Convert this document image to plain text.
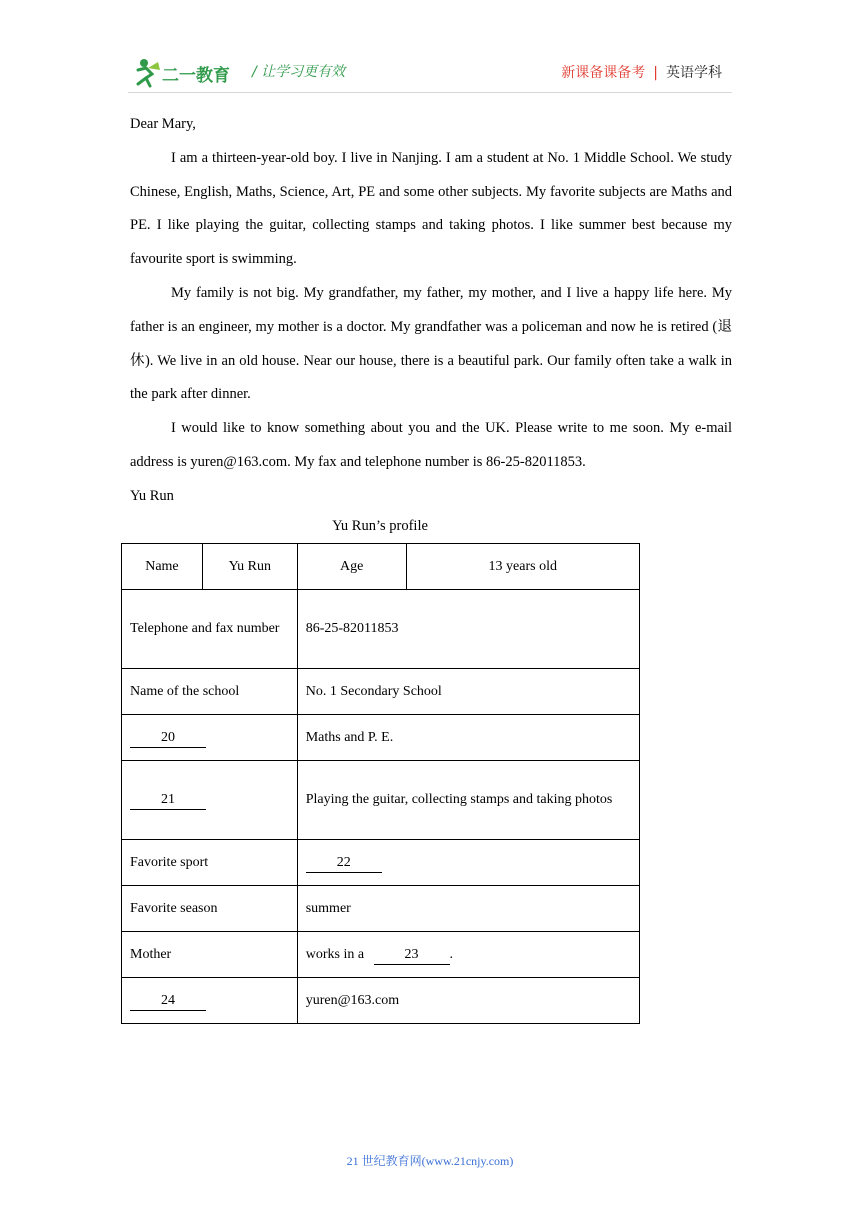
二一教育 / 让学习更有效	新课备课备考 | 英语学科

Dear Mary,

I am a thirteen-year-old boy. I live in Nanjing. I am a student at No. 1 Middle School. We study Chinese, English, Maths, Science, Art, PE and some other subjects. My favorite subjects are Maths and PE. I like playing the guitar, collecting stamps and taking photos. I like summer best because my favourite sport is swimming.

My family is not big. My grandfather, my father, my mother, and I live a happy life here. My father is an engineer, my mother is a doctor. My grandfather was a policeman and now he is retired (退休). We live in an old house. Near our house, there is a beautiful park. Our family often take a walk in the park after dinner.

I would like to know something about you and the UK. Please write to me soon. My e-mail address is yuren@163.com. My fax and telephone number is 86-25-82011853.

Yu Run

Yu Run’s profile
Name	Yu Run	Age	13 years old
Telephone and fax number		86-25-82011853	
Name of the school		No. 1 Secondary School	
20		Maths and P. E.	
21		Playing the guitar, collecting stamps and taking photos	
Favorite sport		22	
Favorite season		summer	
Mother		works in a 23 .	
24		yuren@163.com	
21 世纪教育网(www.21cnjy.com)
